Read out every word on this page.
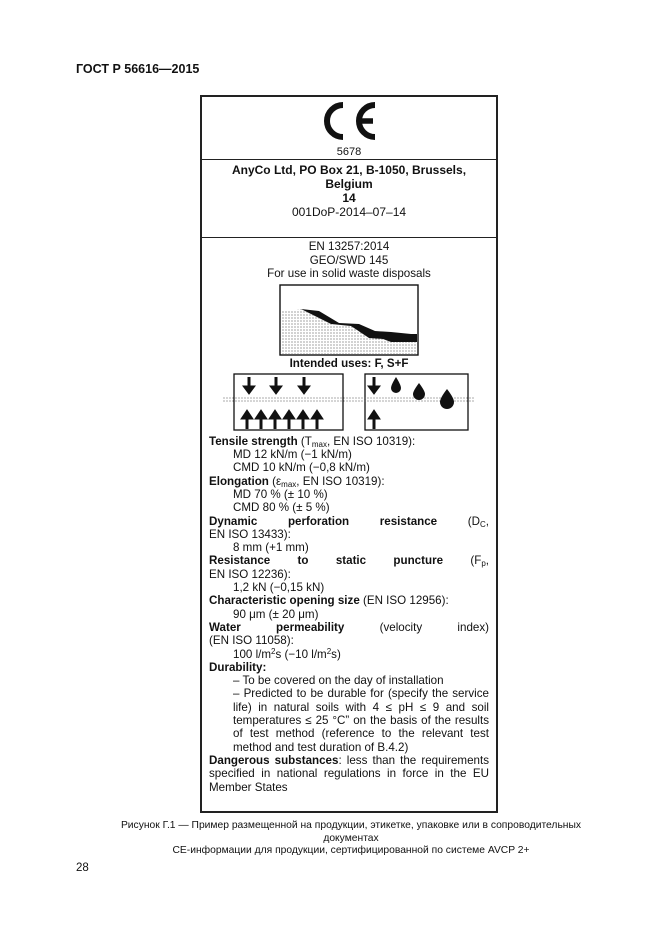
ГОСТ Р 56616—2015
5678
AnyCo Ltd, PO Box 21, B-1050, Brussels,
Belgium
14
001DoP-2014–07–14
EN 13257:2014
GEO/SWD 145
For use in solid waste disposals
Intended uses: F, S+F

Tensile strength ($T_{max}$, EN ISO 10319):

MD 12 kN/m (−1 kN/m)

CMD 10 kN/m (−0,8 kN/m)

Elongation ($\varepsilon_{max}$, EN ISO 10319):

MD 70 % (± 10 %)

CMD 80 % (± 5 %)

Dynamic perforation resistance ($D_C$,

EN ISO 13433):

8 mm (+1 mm)

Resistance to static puncture ($F_p$,

EN ISO 12236):

1,2 kN (−0,15 kN)

Characteristic opening size (EN ISO 12956):

90 μm (± 20 μm)

Water permeability (velocity index)

(EN ISO 11058):

100 $l/m^2s$ (−10 $l/m^2s$)

Durability:

– To be covered on the day of installation

– Predicted to be durable for (specify the service life) in natural soils with 4 ≤ pH ≤ 9 and soil temperatures ≤ 25 °C” on the basis of the results of test method (reference to the relevant test method and test duration of B.4.2)

Dangerous substances: less than the requirements specified in national regulations in force in the EU Member States

Рисунок Г.1 — Пример размещенной на продукции, этикетке, упаковке или в сопроводительных документах
CE-информации для продукции, сертифицированной по системе AVCP 2+
28
